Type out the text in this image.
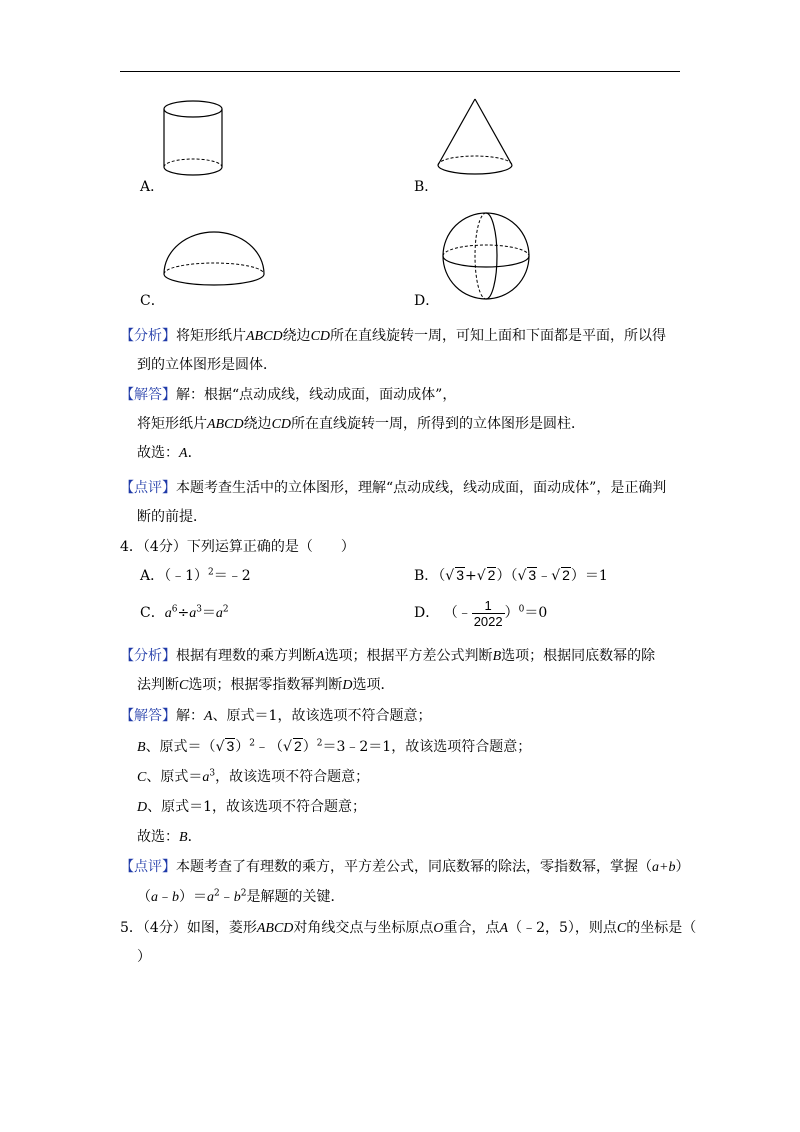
A．	B．
C．	D．
【分析】将矩形纸片ABCD绕边CD所在直线旋转一周，可知上面和下面都是平面，所以得
到的立体图形是圆体．
【解答】解：根据“点动成线，线动成面，面动成体”，
将矩形纸片ABCD绕边CD所在直线旋转一周，所得到的立体图形是圆柱．
故选：A．
【点评】本题考查生活中的立体图形，理解“点动成线，线动成面，面动成体”，是正确判
断的前提．
4．（4分）下列运算正确的是（　　）
A．（﹣1）$^2$＝﹣2	B．（√ 3+√ 2）（√ 3﹣√ 2）＝1
C．$a^6\div a^3=a^2$	D． （﹣ $\frac{1}{2022} )^0=0$
【分析】根据有理数的乘方判断A选项；根据平方差公式判断B选项；根据同底数幂的除
法判断C选项；根据零指数幂判断D选项．
【解答】解：A、原式＝1，故该选项不符合题意；
B、原式＝（√ 3）$^2$﹣（√ 2）$^2$＝3﹣2＝1，故该选项符合题意；
C、原式$=a^3$，故该选项不符合题意；
D、原式＝1，故该选项不符合题意；
故选：B．
【点评】本题考查了有理数的乘方，平方差公式，同底数幂的除法，零指数幂，掌握（a+b）
$(a﹣b)=a^2﹣b^2$是解题的关键．
5．（4分）如图，菱形ABCD对角线交点与坐标原点O重合，点A（﹣2，5），则点C的坐标是（
）
